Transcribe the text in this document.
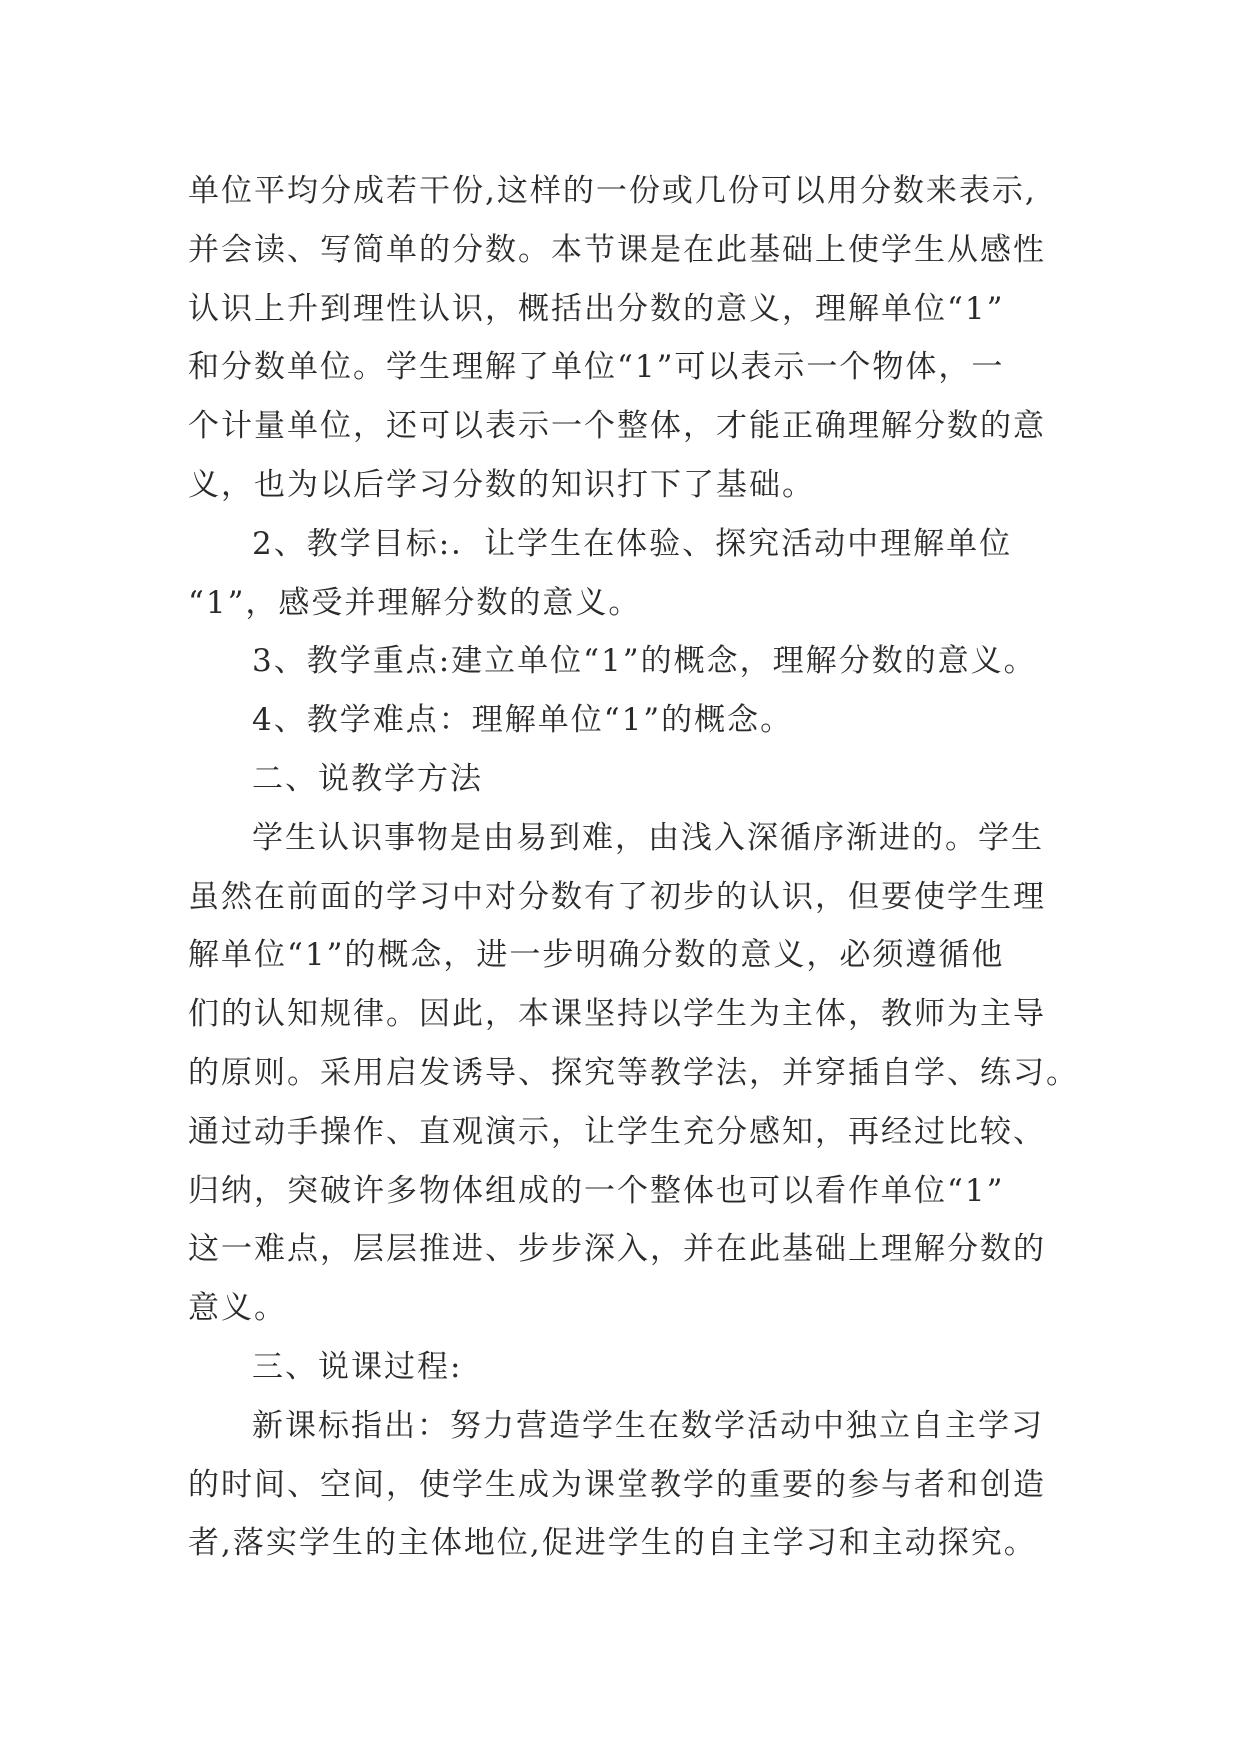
单位平均分成若干份,这样的一份或几份可以用分数来表示,
并会读、写简单的分数。本节课是在此基础上使学生从感性
认识上升到理性认识，概括出分数的意义，理解单位“1”
和分数单位。学生理解了单位“1”可以表示一个物体，一
个计量单位，还可以表示一个整体，才能正确理解分数的意
义，也为以后学习分数的知识打下了基础。
2、教学目标:．让学生在体验、探究活动中理解单位
“1”，感受并理解分数的意义。
3、教学重点:建立单位“1”的概念，理解分数的意义。
4、教学难点：理解单位“1”的概念。
二、说教学方法
学生认识事物是由易到难，由浅入深循序渐进的。学生
虽然在前面的学习中对分数有了初步的认识，但要使学生理
解单位“1”的概念，进一步明确分数的意义，必须遵循他
们的认知规律。因此，本课坚持以学生为主体，教师为主导
的原则。采用启发诱导、探究等教学法，并穿插自学、练习。
通过动手操作、直观演示，让学生充分感知，再经过比较、
归纳，突破许多物体组成的一个整体也可以看作单位“1”
这一难点，层层推进、步步深入，并在此基础上理解分数的
意义。
三、说课过程:
新课标指出：努力营造学生在数学活动中独立自主学习
的时间、空间，使学生成为课堂教学的重要的参与者和创造
者,落实学生的主体地位,促进学生的自主学习和主动探究。
